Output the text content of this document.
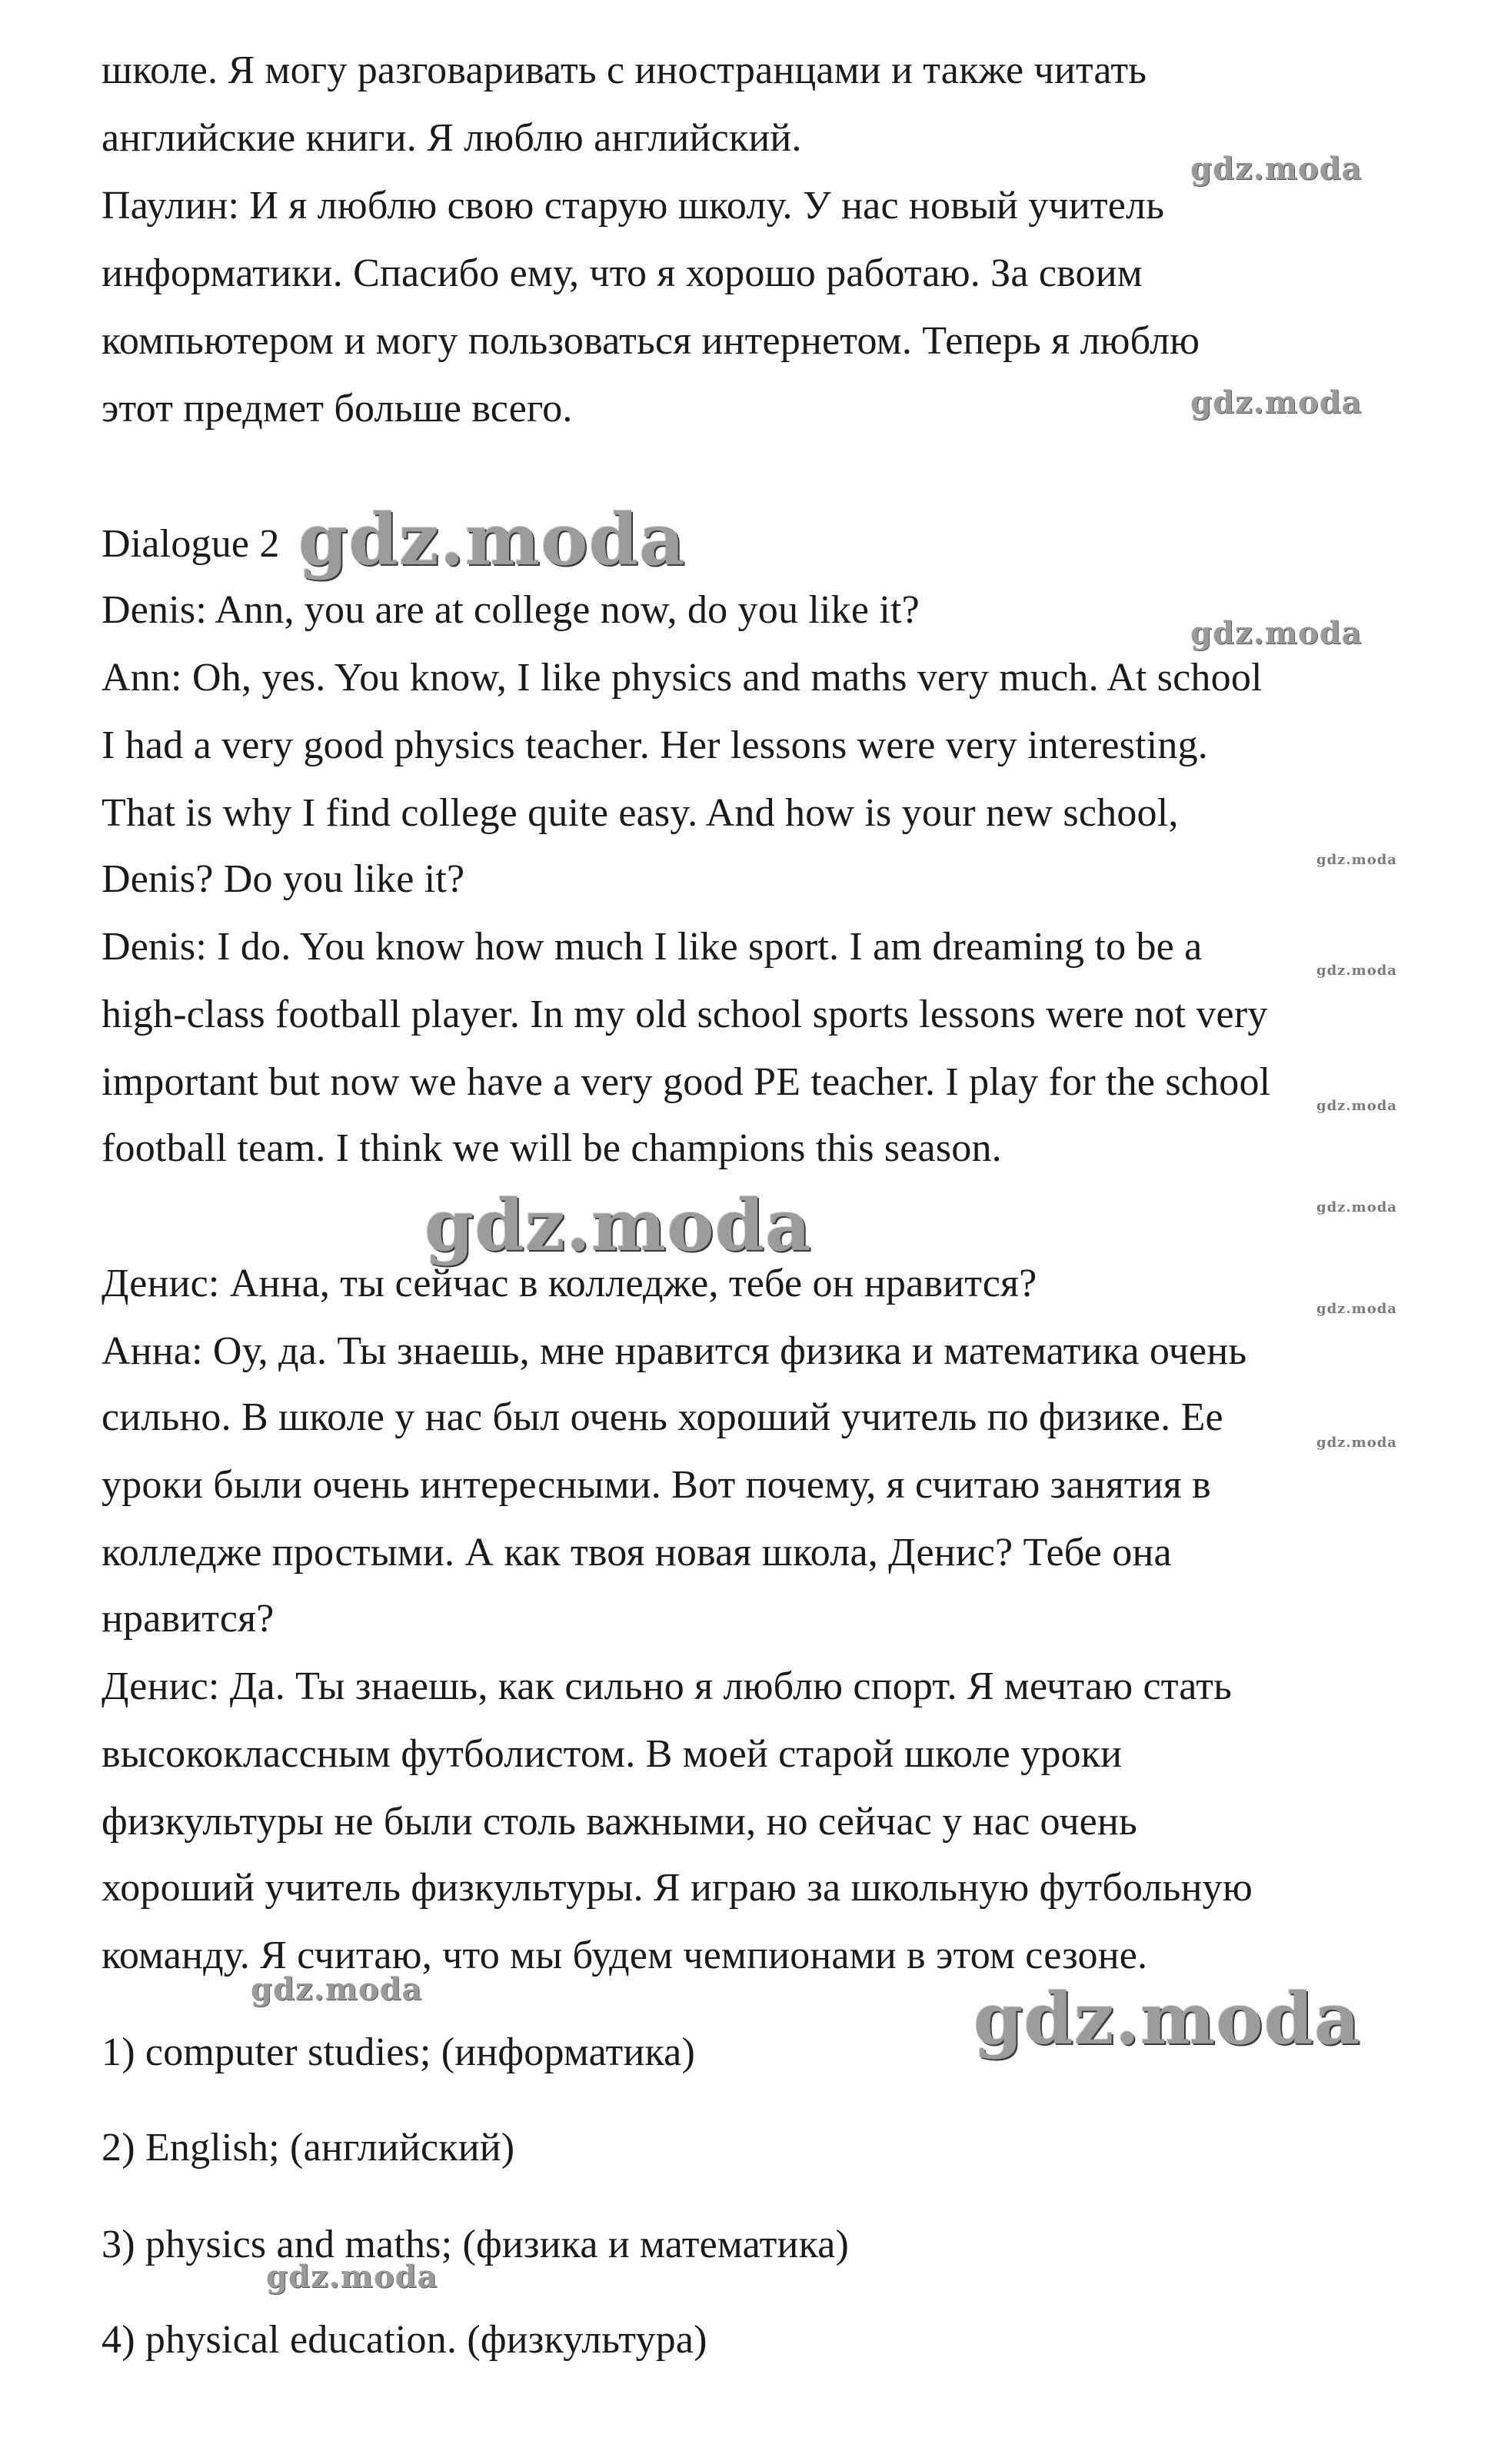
школе. Я могу разговаривать с иностранцами и также читать
английские книги. Я люблю английский.
Паулин: И я люблю свою старую школу. У нас новый учитель
информатики. Спасибо ему, что я хорошо работаю. За своим
компьютером и могу пользоваться интернетом. Теперь я люблю
этот предмет больше всего.
Dialogue 2
Denis: Ann, you are at college now, do you like it?
Ann: Oh, yes. You know, I like physics and maths very much. At school
I had a very good physics teacher. Her lessons were very interesting.
That is why I find college quite easy. And how is your new school,
Denis? Do you like it?
Denis: I do. You know how much I like sport. I am dreaming to be a
high-class football player. In my old school sports lessons were not very
important but now we have a very good PE teacher. I play for the school
football team. I think we will be champions this season.
Денис: Анна, ты сейчас в колледже, тебе он нравится?
Анна: Оу, да. Ты знаешь, мне нравится физика и математика очень
сильно. В школе у нас был очень хороший учитель по физике. Ее
уроки были очень интересными. Вот почему, я считаю занятия в
колледже простыми. А как твоя новая школа, Денис? Тебе она
нравится?
Денис: Да. Ты знаешь, как сильно я люблю спорт. Я мечтаю стать
высококлассным футболистом. В моей старой школе уроки
физкультуры не были столь важными, но сейчас у нас очень
хороший учитель физкультуры. Я играю за школьную футбольную
команду. Я считаю, что мы будем чемпионами в этом сезоне.
1) computer studies; (информатика)
2) English; (английский)
3) physics and maths; (физика и математика)
4) physical education. (физкультура)
gdz.moda
gdz.moda
gdz.moda
gdz.moda
gdz.moda
gdz.moda
gdz.moda
gdz.moda	gdz.moda
gdz.moda
gdz.moda
gdz.moda	gdz.moda
gdz.moda
